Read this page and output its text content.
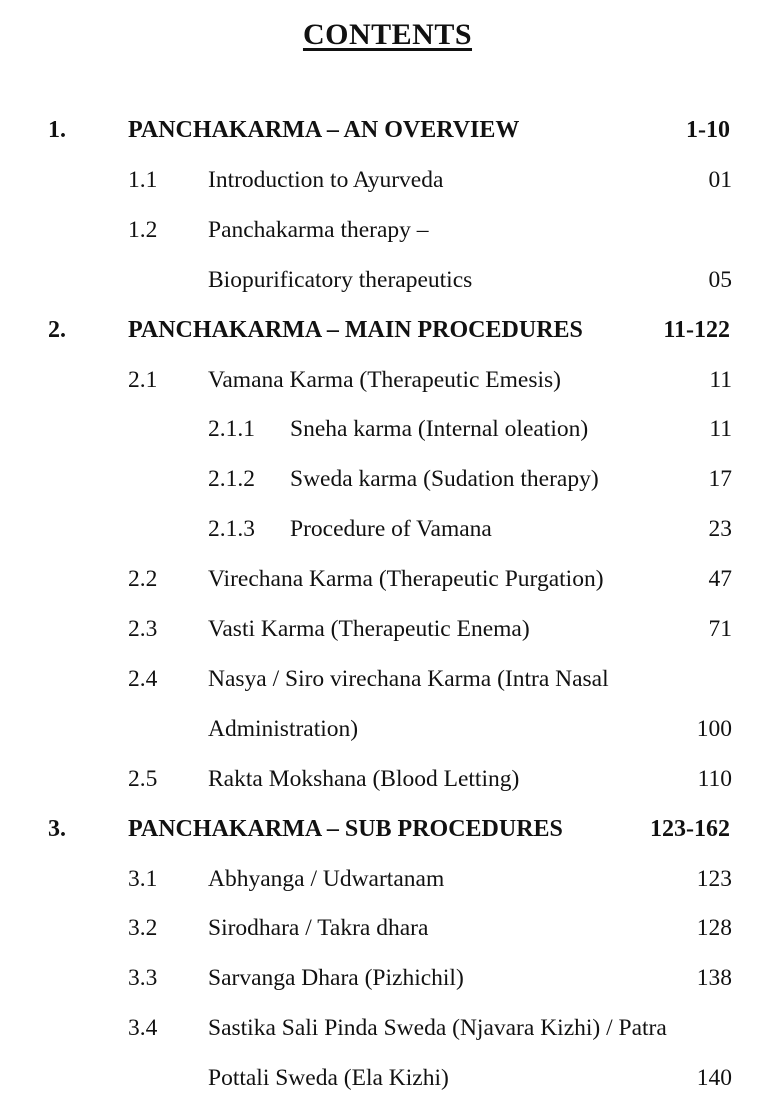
CONTENTS
1.	PANCHAKARMA – AN OVERVIEW	1-10
1.1 Introduction to Ayurveda	01
1.2 Panchakarma therapy –
Biopurificatory therapeutics	05
2.	PANCHAKARMA – MAIN PROCEDURES	11-122
2.1 Vamana Karma (Therapeutic Emesis)	11
2.1.1 Sneha karma (Internal oleation)	11
2.1.2 Sweda karma (Sudation therapy)	17
2.1.3 Procedure of Vamana	23
2.2 Virechana Karma (Therapeutic Purgation)	47
2.3 Vasti Karma (Therapeutic Enema)	71
2.4 Nasya / Siro virechana Karma (Intra Nasal
Administration)	100
2.5 Rakta Mokshana (Blood Letting)	110
3.	PANCHAKARMA – SUB PROCEDURES	123-162
3.1 Abhyanga / Udwartanam	123
3.2 Sirodhara / Takra dhara	128
3.3 Sarvanga Dhara (Pizhichil)	138
3.4 Sastika Sali Pinda Sweda (Njavara Kizhi) / Patra
Pottali Sweda (Ela Kizhi)	140
